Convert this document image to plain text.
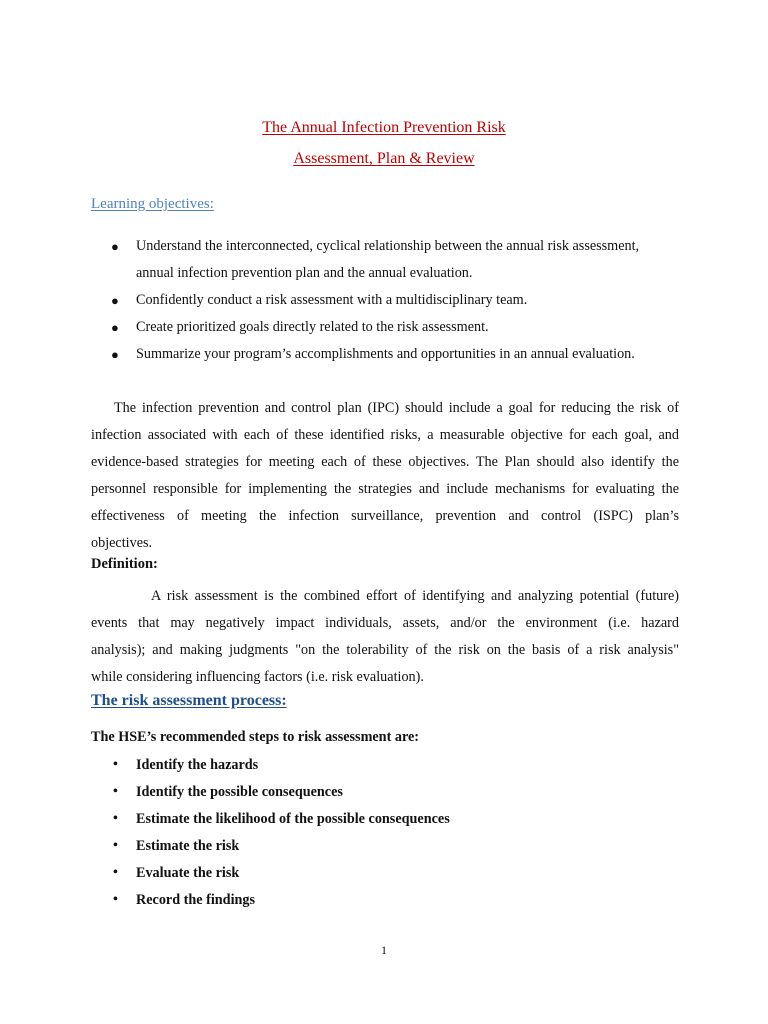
The Annual Infection Prevention Risk
Assessment, Plan & Review
Learning objectives:
● Understand the interconnected, cyclical relationship between the annual risk assessment,
annual infection prevention plan and the annual evaluation.
● Confidently conduct a risk assessment with a multidisciplinary team.
● Create prioritized goals directly related to the risk assessment.
● Summarize your program’s accomplishments and opportunities in an annual evaluation.
The infection prevention and control plan (IPC) should include a goal for reducing the risk of
infection associated with each of these identified risks, a measurable objective for each goal, and
evidence-based strategies for meeting each of these objectives. The Plan should also identify the
personnel responsible for implementing the strategies and include mechanisms for evaluating the
effectiveness of meeting the infection surveillance, prevention and control (ISPC) plan’s
objectives.
Definition:
A risk assessment is the combined effort of identifying and analyzing potential (future)
events that may negatively impact individuals, assets, and/or the environment (i.e. hazard
analysis); and making judgments "on the tolerability of the risk on the basis of a risk analysis"
while considering influencing factors (i.e. risk evaluation).
The risk assessment process:
The HSE’s recommended steps to risk assessment are:
• Identify the hazards
• Identify the possible consequences
• Estimate the likelihood of the possible consequences
• Estimate the risk
• Evaluate the risk
• Record the findings
1
